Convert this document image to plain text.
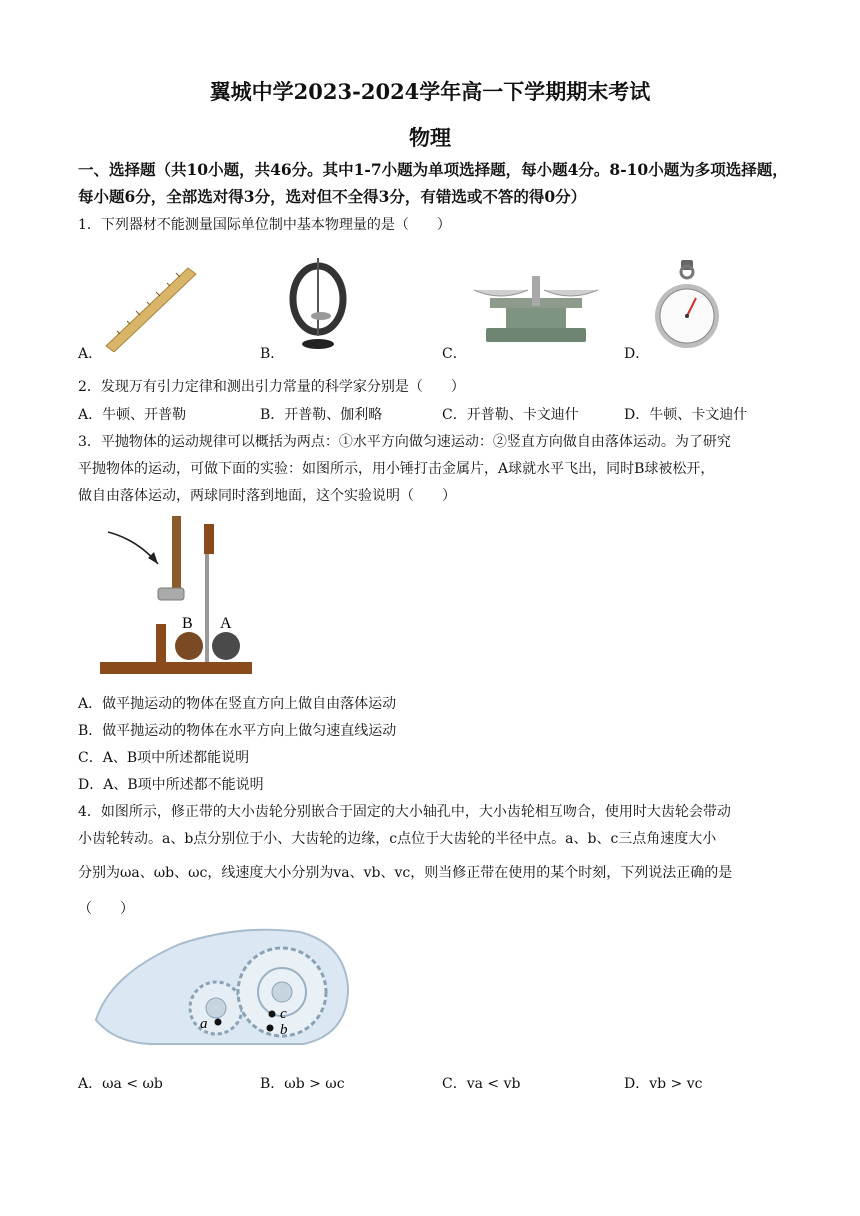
翼城中学2023-2024学年高一下学期期末考试
物理
一、选择题（共10小题，共46分。其中1-7小题为单项选择题，每小题4分。8-10小题为多项选择题，每小题6分，全部选对得3分，选对但不全得3分，有错选或不答的得0分）
1．下列器材不能测量国际单位制中基本物理量的是（　　）
A．	B．	C．	D．
2．发现万有引力定律和测出引力常量的科学家分别是（　　）
A．牛顿、开普勒	B．开普勒、伽利略	C．开普勒、卡文迪什	D．牛顿、卡文迪什
3．平抛物体的运动规律可以概括为两点：①水平方向做匀速运动：②竖直方向做自由落体运动。为了研究
平抛物体的运动，可做下面的实验：如图所示，用小锤打击金属片，A球就水平飞出，同时B球被松开，
做自由落体运动，两球同时落到地面，这个实验说明（　　）
B A
A．做平抛运动的物体在竖直方向上做自由落体运动
B．做平抛运动的物体在水平方向上做匀速直线运动
C．A、B项中所述都能说明
D．A、B项中所述都不能说明
4．如图所示，修正带的大小齿轮分别嵌合于固定的大小轴孔中，大小齿轮相互吻合，使用时大齿轮会带动
小齿轮转动。a、b点分别位于小、大齿轮的边缘，c点位于大齿轮的半径中点。a、b、c三点角速度大小
分别为ωa、ωb、ωc，线速度大小分别为va、vb、vc，则当修正带在使用的某个时刻，下列说法正确的是
（　　）
a	b
c
A．ωa < ωb	B．ωb > ωc	C．va < vb	D．vb > vc
